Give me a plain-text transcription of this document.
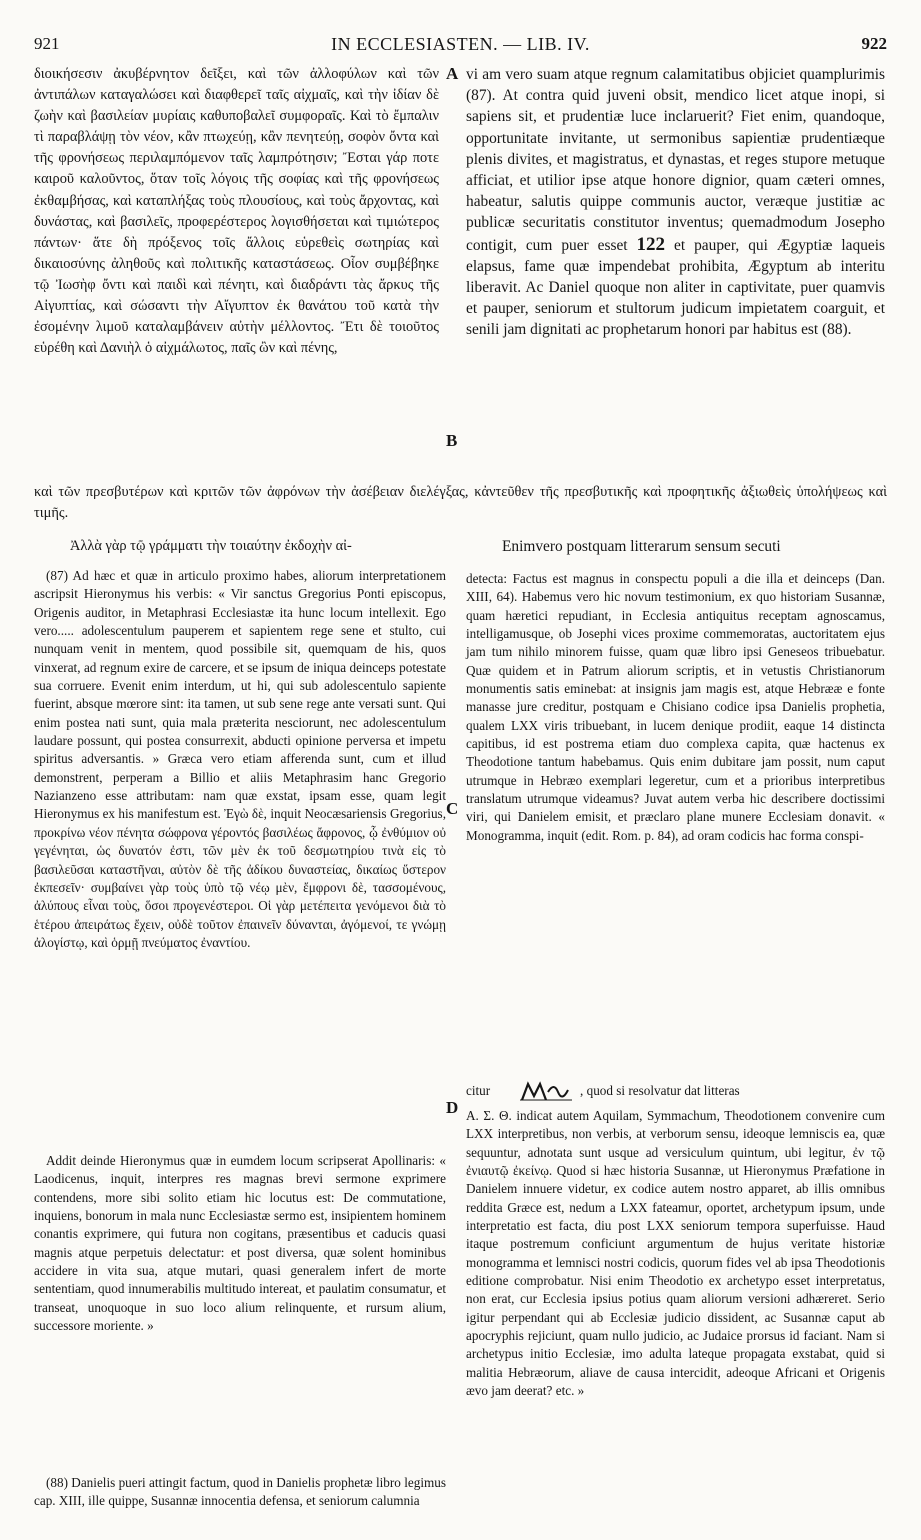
921	IN ECCLESIASTEN. — LIB. IV.	922
A
B
C
D

διοικήσεσιν ἀκυβέρνητον δεῖξει, καὶ τῶν ἀλλοφύλων καὶ τῶν ἀντιπάλων καταγαλώσει καὶ διαφθερεῖ ταῖς αἰχμαῖς, καὶ τὴν ἰδίαν δὲ ζωὴν καὶ βασιλείαν μυρίαις καθυποβαλεῖ συμφοραῖς. Καὶ τὸ ἔμπαλιν τὶ παραβλάψῃ τὸν νέον, κἂν πτωχεύῃ, κἂν πενητεύῃ, σοφὸν ὄντα καὶ τῆς φρονήσεως περιλαμπόμενον ταῖς λαμπρότησιν; Ἔσται γάρ ποτε καιροῦ καλοῦντος, ὅταν τοῖς λόγοις τῆς σοφίας καὶ τῆς φρονήσεως ἐκθαμβήσας, καὶ καταπλήξας τοὺς πλουσίους, καὶ τοὺς ἄρχοντας, καὶ δυνάστας, καὶ βασιλεῖς, προφερέστερος λογισθήσεται καὶ τιμιώτερος πάντων· ἅτε δὴ πρόξενος τοῖς ἄλλοις εὑρεθεὶς σωτηρίας καὶ δικαιοσύνης ἀληθοῦς καὶ πολιτικῆς καταστάσεως. Οἷον συμβέβηκε τῷ Ἰωσὴφ ὄντι καὶ παιδὶ καὶ πένητι, καὶ διαδράντι τὰς ἄρκυς τῆς Αἰγυπτίας, καὶ σώσαντι τὴν Αἴγυπτον ἐκ θανάτου τοῦ κατὰ τὴν ἐσομένην λιμοῦ καταλαμβάνειν αὐτὴν μέλλοντος. Ἔτι δὲ τοιοῦτος εὑρέθη καὶ Δανιὴλ ὁ αἰχμάλωτος, παῖς ὢν καὶ πένης,

vi am vero suam atque regnum calamitatibus objiciet quamplurimis (87). At contra quid juveni obsit, mendico licet atque inopi, si sapiens sit, et prudentiæ luce inclaruerit? Fiet enim, quandoque, opportunitate invitante, ut sermonibus sapientiæ prudentiæque plenis divites, et magistratus, et dynastas, et reges stupore metuque afficiat, et utilior ipse atque honore dignior, quam cæteri omnes, habeatur, salutis quippe communis auctor, veræque justitiæ ac publicæ securitatis constitutor inventus; quemadmodum Josepho contigit, cum puer esset 122 et pauper, qui Ægyptiæ laqueis elapsus, fame quæ impendebat prohibita, Ægyptum ab interitu liberavit. Ac Daniel quoque non aliter in captivitate, puer quamvis et pauper, seniorum et stultorum judicum impietatem coarguit, et senili jam dignitati ac prophetarum honori par habitus est (88).

καὶ τῶν πρεσβυτέρων καὶ κριτῶν τῶν ἀφρόνων τὴν ἀσέβειαν διελέγξας, κἀντεῦθεν τῆς πρεσβυτικῆς καὶ προφητικῆς ἀξιωθεὶς ὑπολήψεως καὶ τιμῆς.

Ἀλλὰ γὰρ τῷ γράμματι τὴν τοιαύτην ἐκδοχὴν αἰ-	Enimvero postquam litterarum sensum secuti

(87) Ad hæc et quæ in articulo proximo habes, aliorum interpretationem ascripsit Hieronymus his verbis: « Vir sanctus Gregorius Ponti episcopus, Origenis auditor, in Metaphrasi Ecclesiastæ ita hunc locum intellexit. Ego vero..... adolescentulum pauperem et sapientem rege sene et stulto, cui nunquam venit in mentem, quod possibile sit, quemquam de his, quos vinxerat, ad regnum exire de carcere, et se ipsum de iniqua deinceps potestate sua corruere. Evenit enim interdum, ut hi, qui sub adolescentulo sapiente fuerint, absque mœrore sint: ita tamen, ut sub sene rege ante versati sunt. Qui enim postea nati sunt, quia mala præterita nesciorunt, nec adolescentulum laudare possunt, qui postea consurrexit, abducti opinione perversa et impetu spiritus adversantis. » Græca vero etiam afferenda sunt, cum et illud demonstrent, perperam a Billio et aliis Metaphrasim hanc Gregorio Nazianzeno esse attributam: nam quæ exstat, ipsam esse, quam legit Hieronymus ex his manifestum est. Ἐγὼ δὲ, inquit Neocæsariensis Gregorius, προκρίνω νέον πένητα σώφρονα γέροντός βασιλέως ἄφρονος, ᾧ ἐνθύμιον οὐ γεγένηται, ὡς δυνατόν ἐστι, τῶν μὲν ἐκ τοῦ δεσμωτηρίου τινὰ εἰς τὸ βασιλεῦσαι καταστῆναι, αὐτὸν δὲ τῆς ἀδίκου δυναστείας, δικαίως ὕστερον ἐκπεσεῖν· συμβαίνει γὰρ τοὺς ὑπὸ τῷ νέῳ μὲν, ἔμφρονι δὲ, τασσομένους, ἀλύπους εἶναι τοὺς, ὅσοι προγενέστεροι. Οἱ γὰρ μετέπειτα γενόμενοι διὰ τὸ ἑτέρου ἀπειράτως ἔχειν, οὐδὲ τοῦτον ἐπαινεῖν δύνανται, ἀγόμενοί, τε γνώμῃ ἀλογίστῳ, καὶ ὁρμῇ πνεύματος ἐναντίου.

Addit deinde Hieronymus quæ in eumdem locum scripserat Apollinaris: « Laodicenus, inquit, interpres res magnas brevi sermone exprimere contendens, more sibi solito etiam hic locutus est: De commutatione, inquiens, bonorum in mala nunc Ecclesiastæ sermo est, insipientem hominem conantis exprimere, qui futura non cogitans, præsentibus et caducis quasi magnis atque perpetuis delectatur: et post diversa, quæ solent hominibus accidere in vita sua, atque mutari, quasi generalem infert de morte sententiam, quod innumerabilis multitudo intereat, et paulatim consumatur, et transeat, unoquoque in suo loco alium relinquente, et rursum alium, successore moriente. »

(88) Danielis pueri attingit factum, quod in Danielis prophetæ libro legimus cap. XIII, ille quippe, Susannæ innocentia defensa, et seniorum calumnia

detecta: Factus est magnus in conspectu populi a die illa et deinceps (Dan. XIII, 64). Habemus vero hic novum testimonium, ex quo historiam Susannæ, quam hæretici repudiant, in Ecclesia antiquitus receptam agnoscamus, intelligamusque, ob Josephi vices proxime commemoratas, auctoritatem ejus jam tum nihilo minorem fuisse, quam quæ libro ipsi Geneseos tribuebatur. Quæ quidem et in Patrum aliorum scriptis, et in vetustis Christianorum monumentis satis eminebat: at insignis jam magis est, atque Hebrææ e fonte manasse jure creditur, postquam e Chisiano codice ipsa Danielis prophetia, qualem LXX viris tribuebant, in lucem denique prodiit, eaque 14 distincta capitibus, id est postrema etiam duo complexa capita, quæ hactenus ex Theodotione tantum habebamus. Quis enim dubitare jam possit, num caput utrumque in Hebræo exemplari legeretur, cum et a prioribus interpretibus translatum utrumque videamus? Juvat autem verba hic describere doctissimi viri, qui Danielem emisit, et præclaro plane munere Ecclesiam donavit. « Monogramma, inquit (edit. Rom. p. 84), ad oram codicis hac forma conspi-

citur	, quod si resolvatur dat litteras

Α. Σ. Θ. indicat autem Aquilam, Symmachum, Theodotionem convenire cum LXX interpretibus, non verbis, at verborum sensu, ideoque lemniscis ea, quæ sequuntur, adnotata sunt usque ad versiculum quintum, ubi legitur, ἐν τῷ ἐνιαυτῷ ἐκείνῳ. Quod si hæc historia Susannæ, ut Hieronymus Præfatione in Danielem innuere videtur, ex codice autem nostro apparet, ab illis omnibus reddita Græce est, nedum a LXX fateamur, oportet, archetypum ipsum, unde interpretatio est facta, diu post LXX seniorum tempora superfuisse. Haud itaque postremum conficiunt argumentum de hujus veritate historiæ monogramma et lemnisci nostri codicis, quorum fides vel ab ipsa Theodotionis editione comprobatur. Nisi enim Theodotio ex archetypo esset interpretatus, non erat, cur Ecclesia ipsius potius quam aliorum versioni adhæreret. Serio igitur perpendant qui ab Ecclesiæ judicio dissident, ac Susannæ caput ab apocryphis rejiciunt, quam nullo judicio, ac Judaice prorsus id faciant. Nam si archetypus initio Ecclesiæ, imo adulta lateque propagata exstabat, quid si malitia Hebræorum, aliave de causa intercidit, adeoque Africani et Origenis ævo jam deerat? etc. »
